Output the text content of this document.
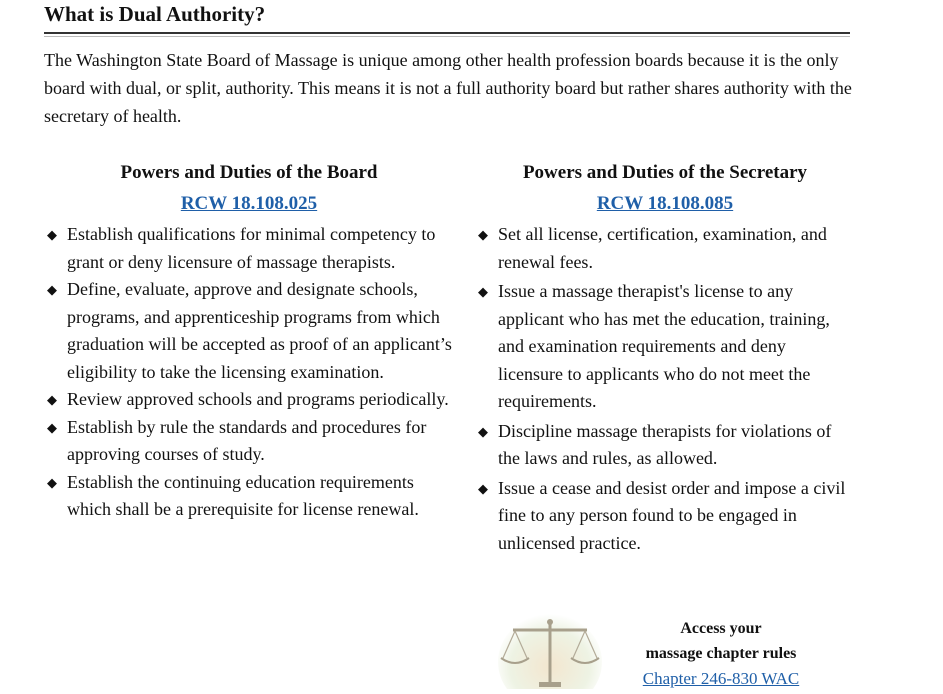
What is Dual Authority?

The Washington State Board of Massage is unique among other health profession boards because it is the only board with dual, or split, authority. This means it is not a full authority board but rather shares authority with the secretary of health.

Powers and Duties of the Board
RCW 18.108.025
◆ Establish qualifications for minimal competency to grant or deny licensure of massage therapists.
◆ Define, evaluate, approve and designate schools, programs, and apprenticeship programs from which graduation will be accepted as proof of an applicant’s eligibility to take the licensing examination.
◆ Review approved schools and programs periodically.
◆ Establish by rule the standards and procedures for approving courses of study.
◆ Establish the continuing education requirements which shall be a prerequisite for license renewal.
Powers and Duties of the Secretary
RCW 18.108.085
◆ Set all license, certification, examination, and renewal fees.
◆ Issue a massage therapist's license to any applicant who has met the education, training, and examination requirements and deny licensure to applicants who do not meet the requirements.
◆ Discipline massage therapists for violations of the laws and rules, as allowed.
◆ Issue a cease and desist order and impose a civil fine to any person found to be engaged in unlicensed practice.
Access your
massage chapter rules
Chapter 246-830 WAC
